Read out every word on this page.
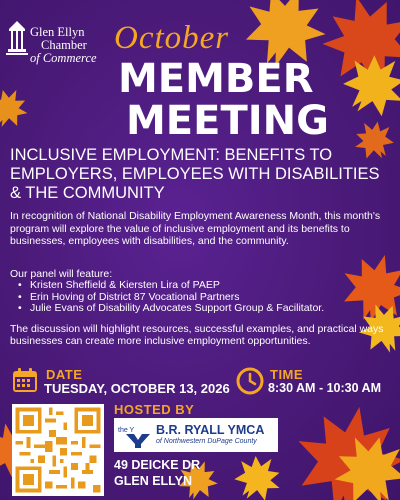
Glen Ellyn
Chamber
of Commerce
October
MEMBER
MEETING
INCLUSIVE EMPLOYMENT: BENEFITS TO EMPLOYERS, EMPLOYEES WITH DISABILITIES & THE COMMUNITY
In recognition of National Disability Employment Awareness Month, this month's program will explore the value of inclusive employment and its benefits to businesses, employees with disabilities, and the community.
Our panel will feature:
• Kristen Sheffield & Kiersten Lira of PAEP
• Erin Hoving of District 87 Vocational Partners
• Julie Evans of Disability Advocates Support Group & Facilitator.
The discussion will highlight resources, successful examples, and practical ways businesses can create more inclusive employment opportunities.
DATE
TUESDAY, OCTOBER 13, 2026
TIME
8:30 AM - 10:30 AM
HOSTED BY
the Y B.R. RYALL YMCA
of Northwestern DuPage County
49 DEICKE DR
GLEN ELLYN
